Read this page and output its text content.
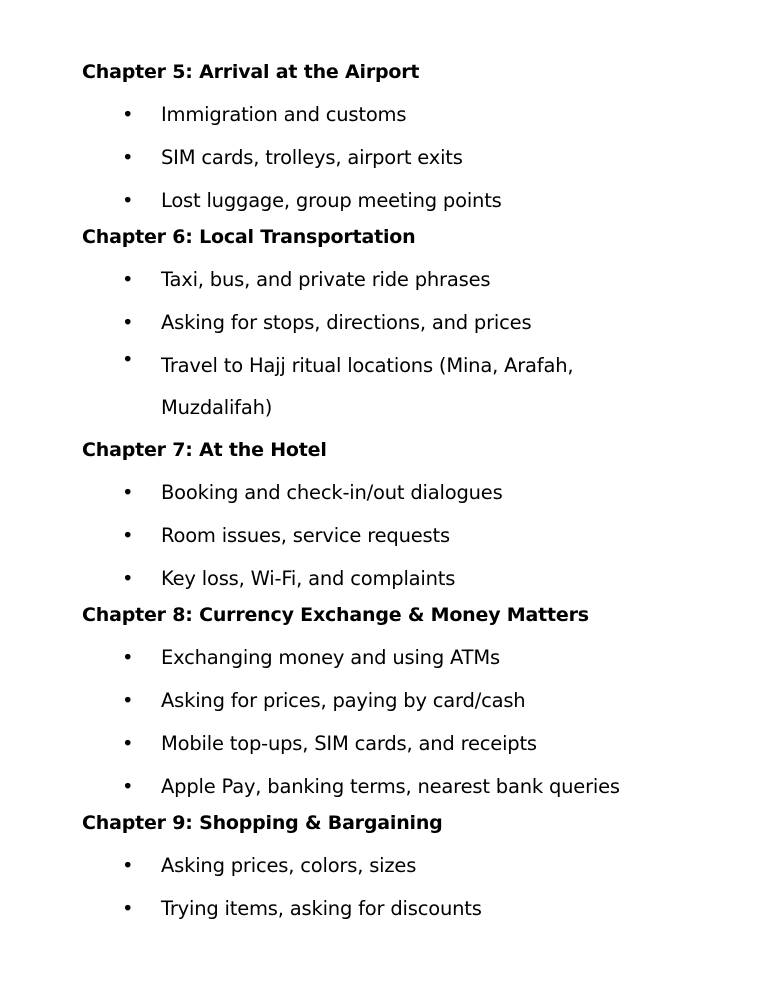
Chapter 5: Arrival at the Airport
• Immigration and customs
• SIM cards, trolleys, airport exits
• Lost luggage, group meeting points
Chapter 6: Local Transportation
• Taxi, bus, and private ride phrases
• Asking for stops, directions, and prices
• Travel to Hajj ritual locations (Mina, Arafah, Muzdalifah)
Chapter 7: At the Hotel
• Booking and check-in/out dialogues
• Room issues, service requests
• Key loss, Wi-Fi, and complaints
Chapter 8: Currency Exchange & Money Matters
• Exchanging money and using ATMs
• Asking for prices, paying by card/cash
• Mobile top-ups, SIM cards, and receipts
• Apple Pay, banking terms, nearest bank queries
Chapter 9: Shopping & Bargaining
• Asking prices, colors, sizes
• Trying items, asking for discounts
